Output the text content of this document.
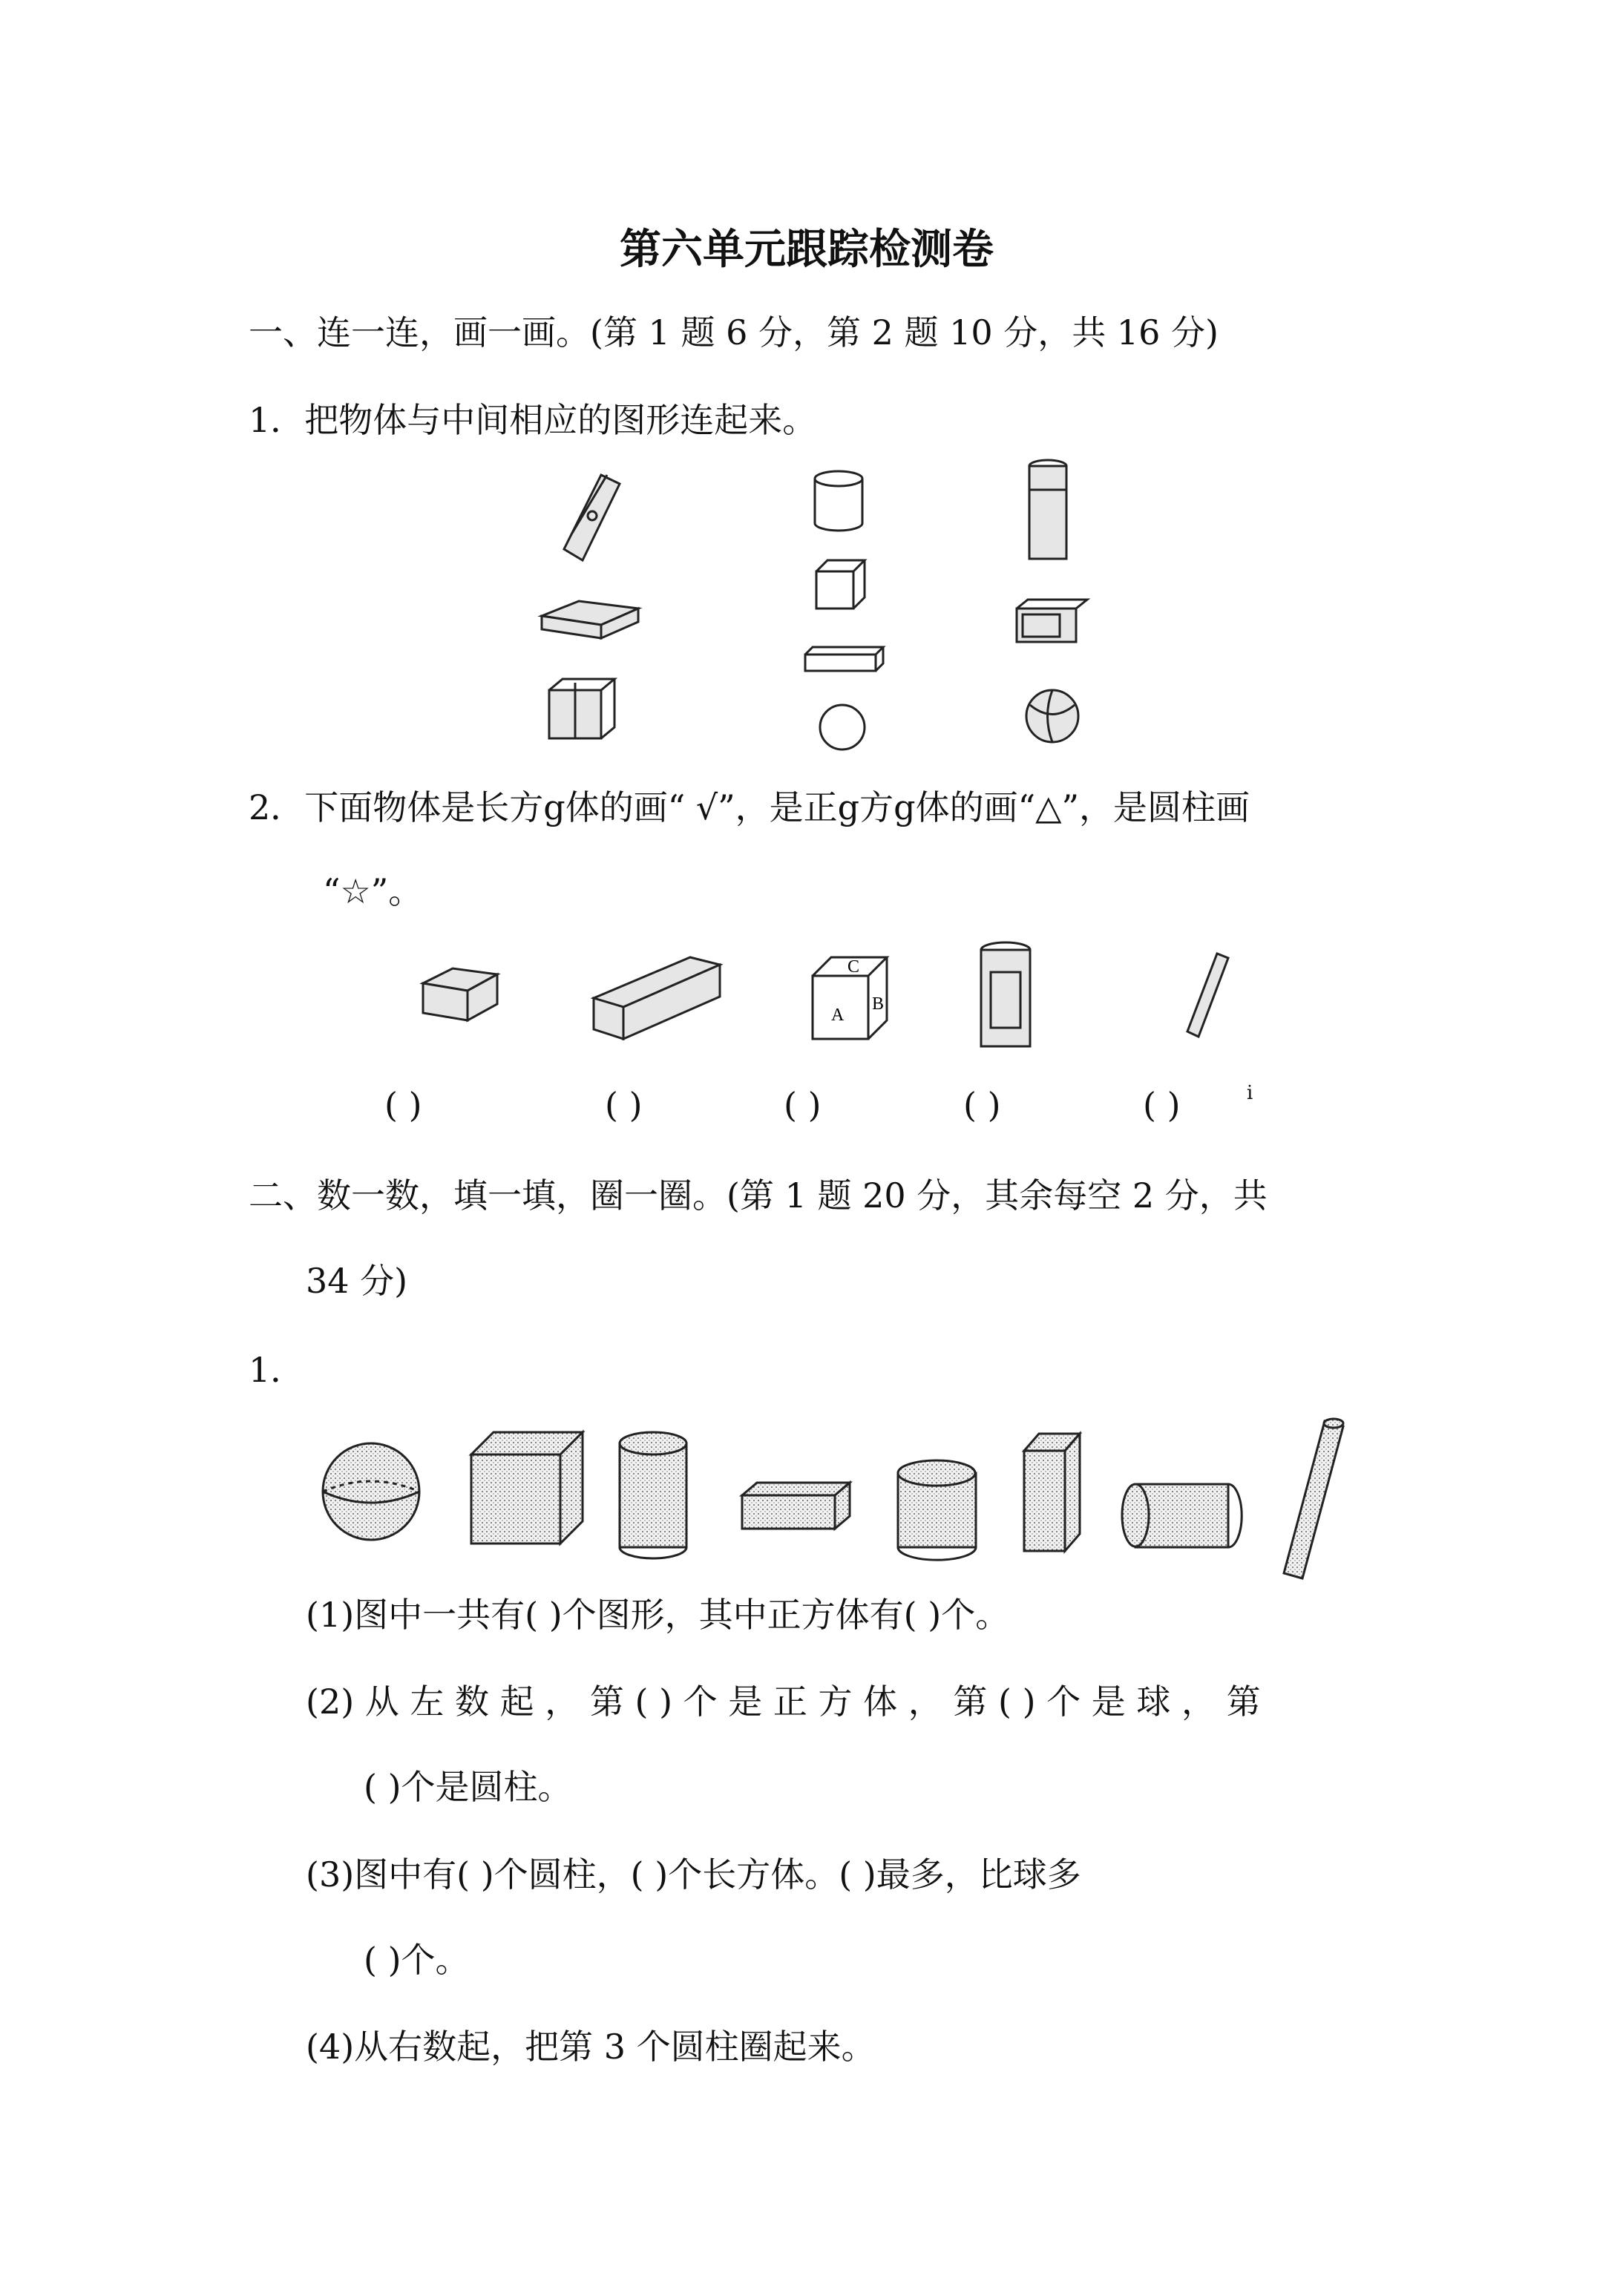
第六单元跟踪检测卷
一、连一连，画一画。(第 1 题 6 分，第 2 题 10 分，共 16 分)
1．把物体与中间相应的图形连起来。
2．下面物体是长方g体的画“ √”，是正g方g体的画“△”，是圆柱画
“☆”。
C
A
B
( )	( )	( )	( )	( )	i
二、数一数，填一填，圈一圈。(第 1 题 20 分，其余每空 2 分，共
34 分)
1．
(1)图中一共有( )个图形，其中正方体有( )个。
(2) 从 左 数 起 ， 第 ( ) 个 是 正 方 体 ， 第 ( ) 个 是 球 ， 第
( )个是圆柱。
(3)图中有( )个圆柱，( )个长方体。( )最多，比球多
( )个。
(4)从右数起，把第 3 个圆柱圈起来。
